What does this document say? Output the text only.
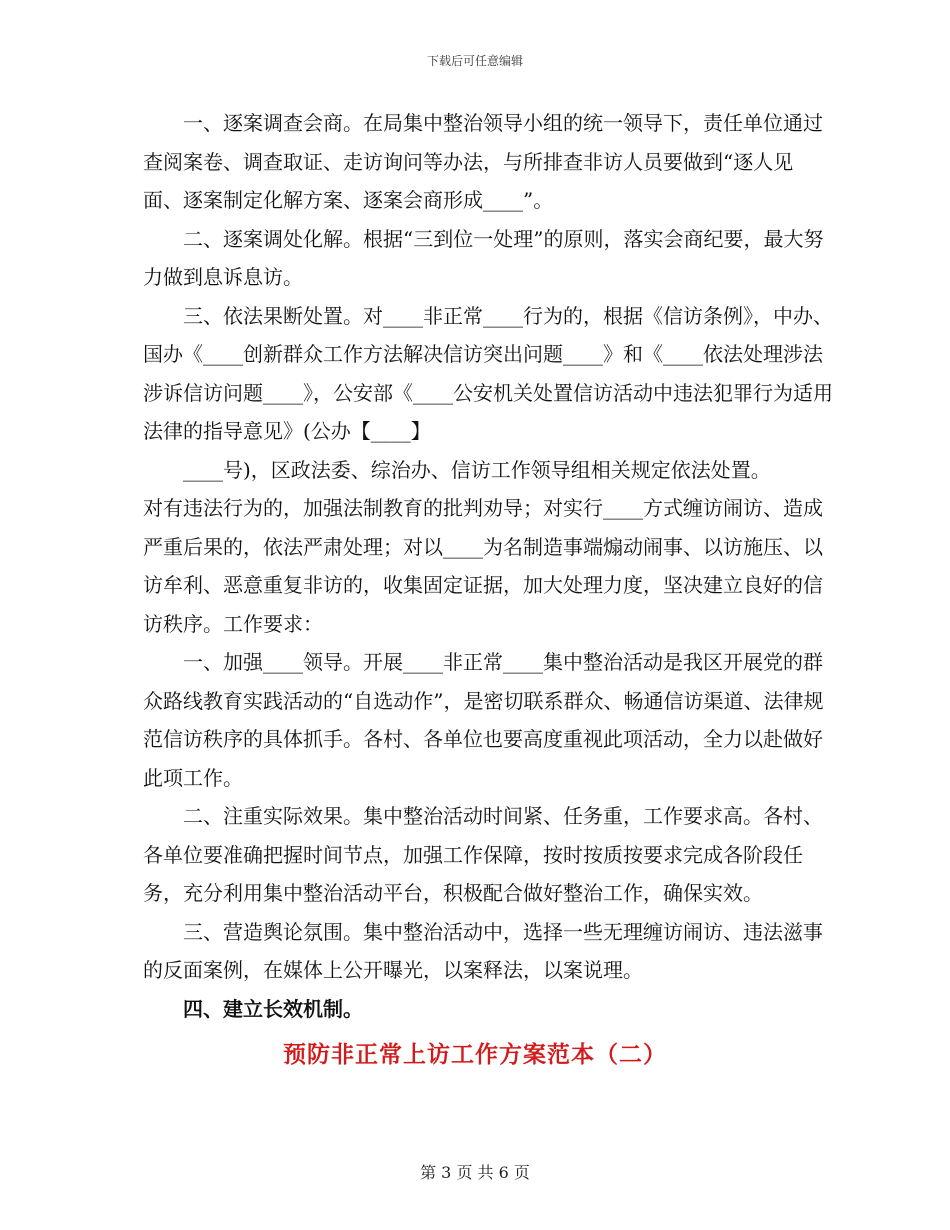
下载后可任意编辑

一、逐案调查会商。在局集中整治领导小组的统一领导下，责任单位通过查阅案卷、调查取证、走访询问等办法，与所排查非访人员要做到“逐人见面、逐案制定化解方案、逐案会商形成____”。

二、逐案调处化解。根据“三到位一处理”的原则，落实会商纪要，最大努力做到息诉息访。

三、依法果断处置。对____非正常____行为的，根据《信访条例》，中办、国办《____创新群众工作方法解决信访突出问题____》和《____依法处理涉法涉诉信访问题____》，公安部《____公安机关处置信访活动中违法犯罪行为适用法律的指导意见》(公办【____】

____号)，区政法委、综治办、信访工作领导组相关规定依法处置。

对有违法行为的，加强法制教育的批判劝导；对实行____方式缠访闹访、造成严重后果的，依法严肃处理；对以____为名制造事端煽动闹事、以访施压、以访牟利、恶意重复非访的，收集固定证据，加大处理力度，坚决建立良好的信访秩序。工作要求：

一、加强____领导。开展____非正常____集中整治活动是我区开展党的群众路线教育实践活动的“自选动作”，是密切联系群众、畅通信访渠道、法律规范信访秩序的具体抓手。各村、各单位也要高度重视此项活动，全力以赴做好此项工作。

二、注重实际效果。集中整治活动时间紧、任务重，工作要求高。各村、各单位要准确把握时间节点，加强工作保障，按时按质按要求完成各阶段任务，充分利用集中整治活动平台，积极配合做好整治工作，确保实效。

三、营造舆论氛围。集中整治活动中，选择一些无理缠访闹访、违法滋事的反面案例，在媒体上公开曝光，以案释法，以案说理。

四、建立长效机制。

预防非正常上访工作方案范本（二）
第 3 页 共 6 页
